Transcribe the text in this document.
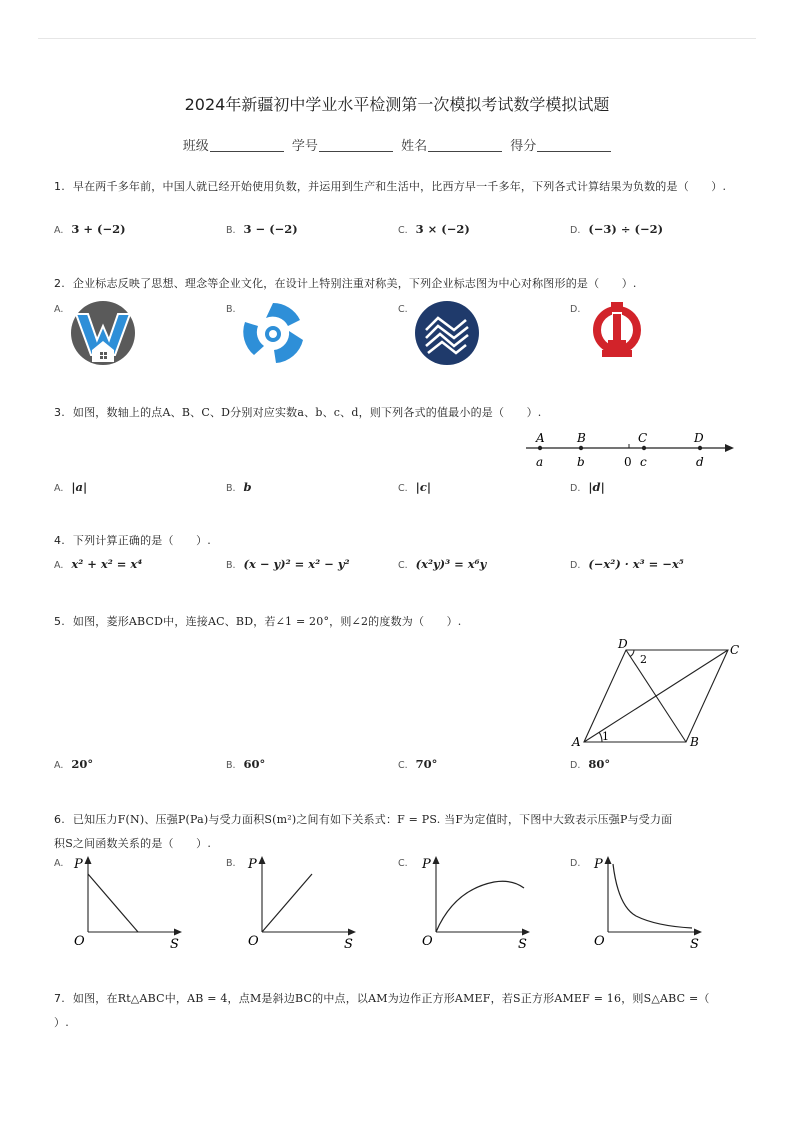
2024年新疆初中学业水平检测第一次模拟考试数学模拟试题
班级	学号	姓名	得分
1. 早在两千多年前，中国人就已经开始使用负数，并运用到生产和生活中，比西方早一千多年，下列各式计算结果为负数的是（　　）.
A. 3 + (−2)	B. 3 − (−2)	C. 3 × (−2)	D. (−3) ÷ (−2)
2. 企业标志反映了思想、理念等企业文化，在设计上特别注重对称美，下列企业标志图为中心对称图形的是（　　）.
A.	B.	C.	D.
3. 如图，数轴上的点A、B、C、D分别对应实数a、b、c、d，则下列各式的值最小的是（　　）.
A	B	C	D
a	b	0 c	d
A. |a|	B. b	C. |c|	D. |d|
4. 下列计算正确的是（　　）.
A. x² + x² = x⁴	B. (x − y)² = x² − y²	C. (x²y)³ = x⁶y	D. (−x²) · x³ = −x⁵
5. 如图，菱形ABCD中，连接AC、BD，若∠1 = 20°，则∠2的度数为（　　）.
A	B
C
D
1
2
A. 20°	B. 60°	C. 70°	D. 80°
6. 已知压力F(N)、压强P(Pa)与受力面积S(m²)之间有如下关系式：F = PS. 当F为定值时，下图中大致表示压强P与受力面
积S之间函数关系的是（　　）.
A. P
O	S
B. P
O	S
C. P
O	S
D. P
O	S
7. 如图，在Rt△ABC中，AB = 4，点M是斜边BC的中点，以AM为边作正方形AMEF，若S正方形AMEF = 16，则S△ABC =（
）.
